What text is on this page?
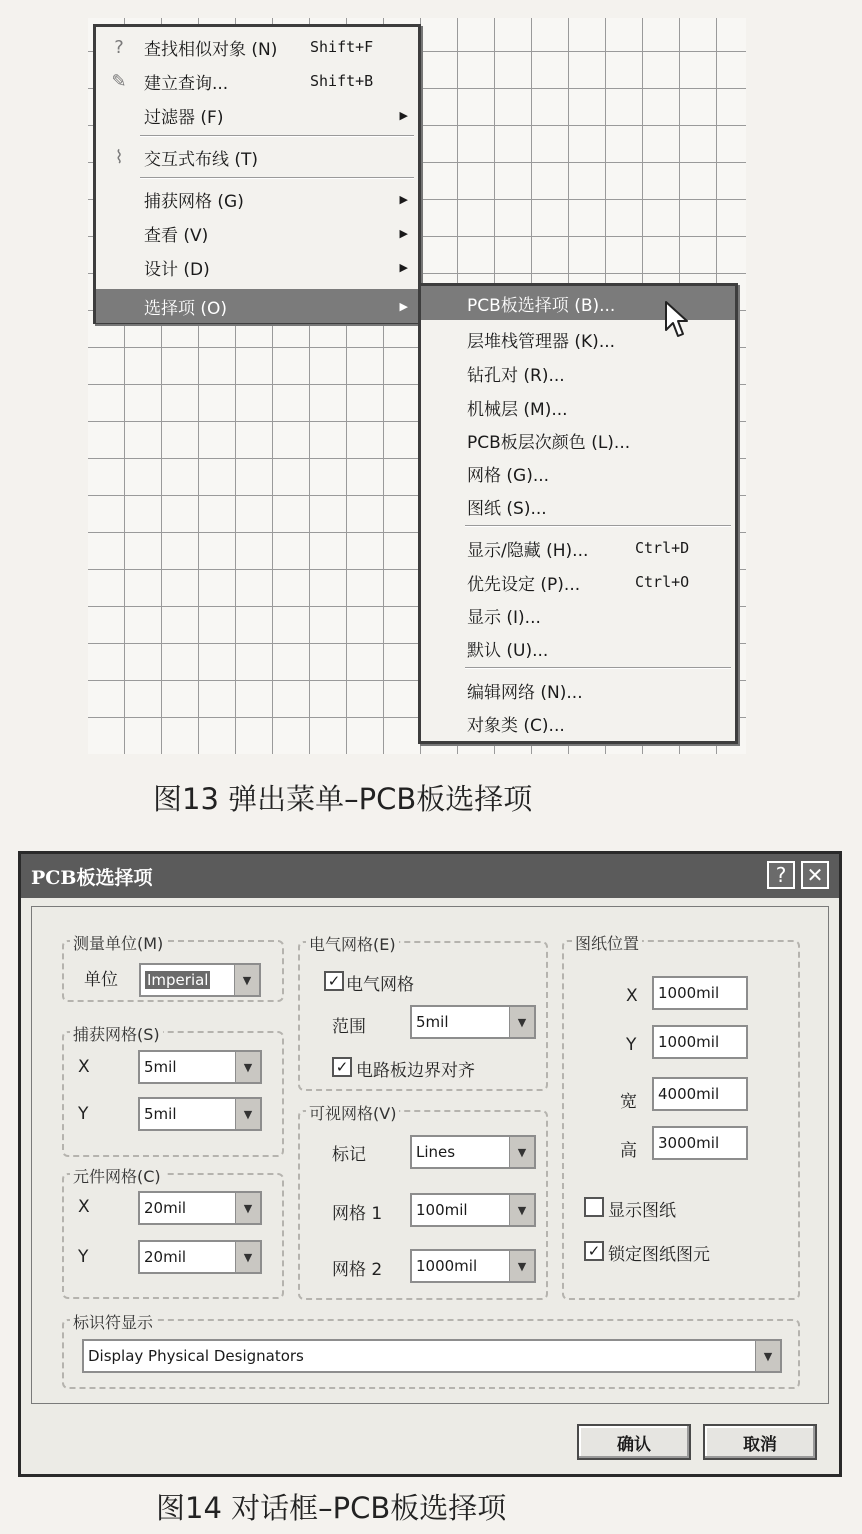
?	查找相似对象 (N) Shift+F
✎	建立查询...	Shift+B
过滤器 (F)	▶
⌇	交互式布线 (T)
捕获网格 (G)	▶
查看 (V)	▶
设计 (D)	▶
选择项 (O)	▶	PCB板选择项 (B)...
层堆栈管理器 (K)...
钻孔对 (R)...
机械层 (M)...
PCB板层次颜色 (L)...
网格 (G)...
图纸 (S)...
显示/隐藏 (H)...	Ctrl+D
优先设定 (P)...	Ctrl+O
显示 (I)...
默认 (U)...
编辑网络 (N)...
对象类 (C)...
图13 弹出菜单–PCB板选择项
PCB板选择项	?	✕
测量单位(M)
单位 Imperial	▼
捕获网格(S)
X	5mil	▼
Y	5mil	▼
元件网格(C)
X	20mil	▼
Y	20mil	▼
电气网格(E)
✓ 电气网格
范围	5mil	▼
✓ 电路板边界对齐
可视网格(V)
标记	Lines	▼
网格 1 100mil	▼
网格 2 1000mil	▼
图纸位置
X	1000mil
Y	1000mil
宽	4000mil
高	3000mil
显示图纸
✓ 锁定图纸图元
标识符显示
Display Physical Designators	▼
确认	取消
图14 对话框–PCB板选择项
